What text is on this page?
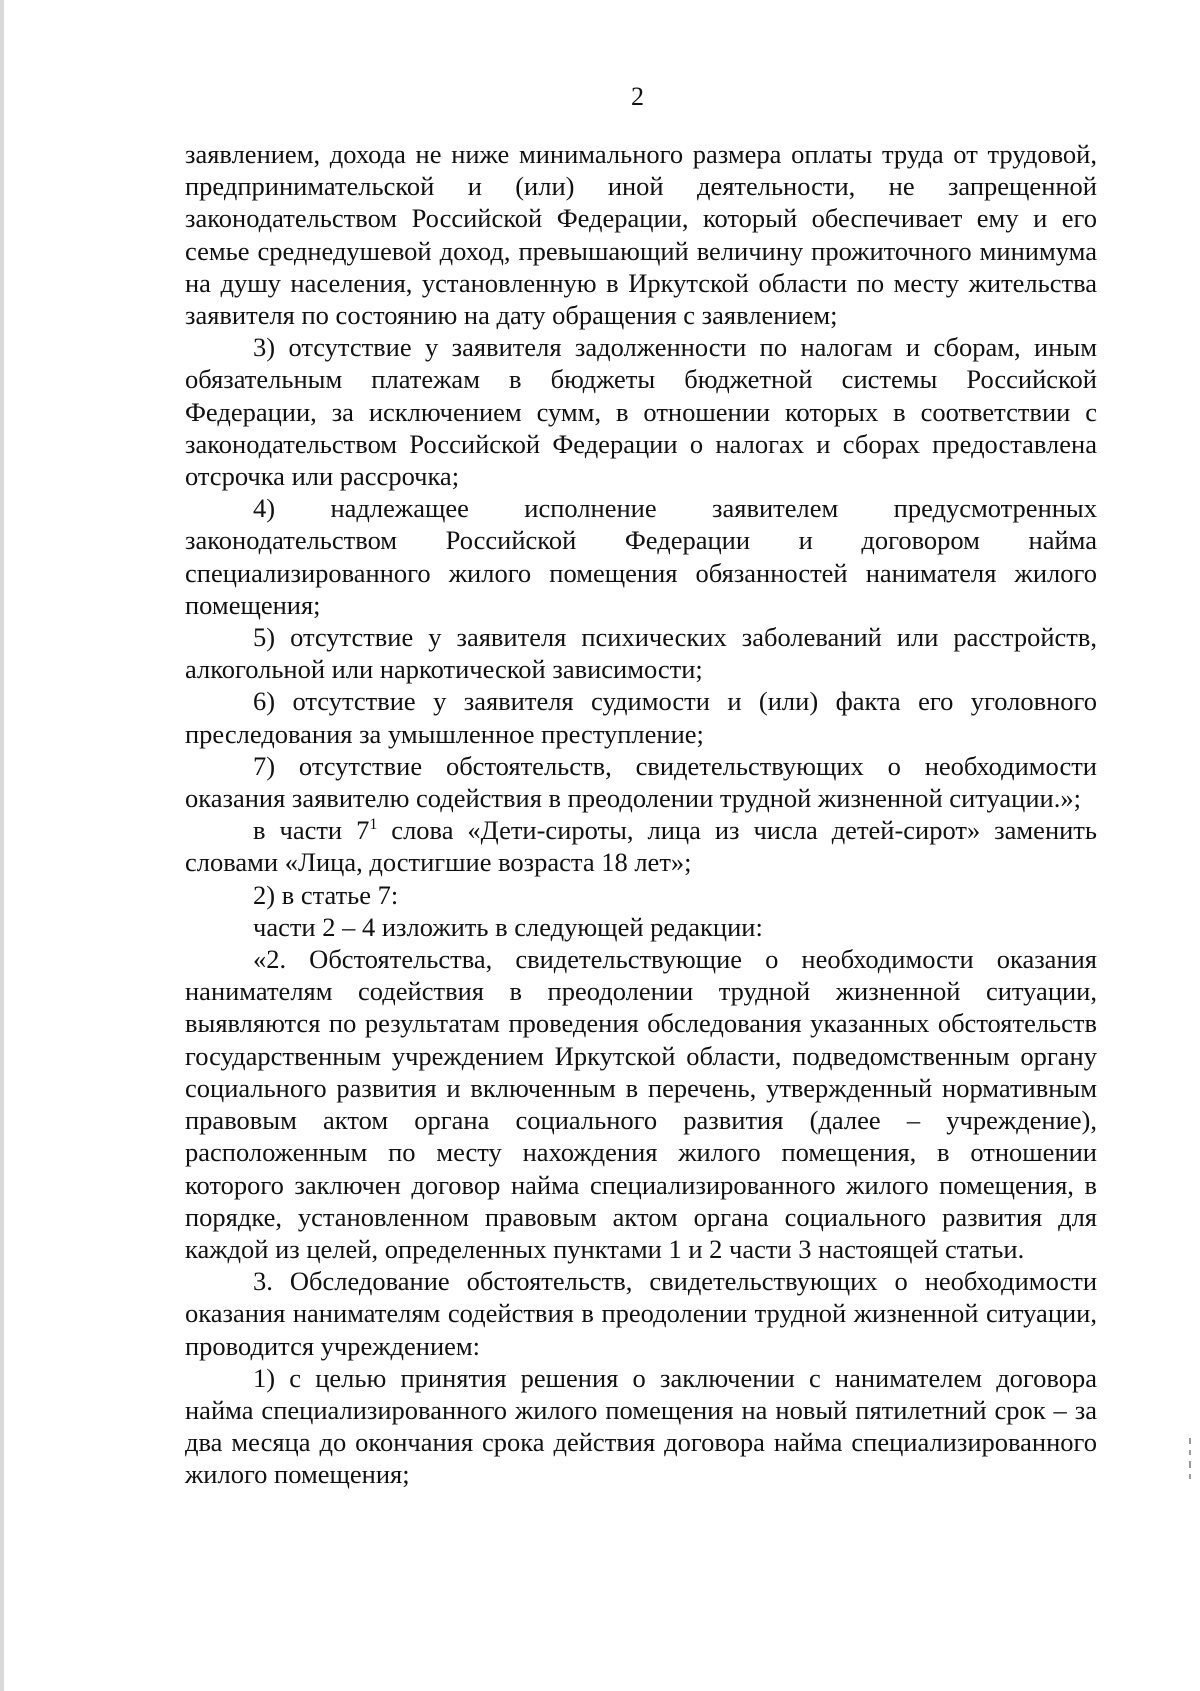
2

заявлением, дохода не ниже минимального размера оплаты труда от трудовой, предпринимательской и (или) иной деятельности, не запрещенной законодательством Российской Федерации, который обеспечивает ему и его семье среднедушевой доход, превышающий величину прожиточного минимума на душу населения, установленную в Иркутской области по месту жительства заявителя по состоянию на дату обращения с заявлением;

3) отсутствие у заявителя задолженности по налогам и сборам, иным обязательным платежам в бюджеты бюджетной системы Российской Федерации, за исключением сумм, в отношении которых в соответствии с законодательством Российской Федерации о налогах и сборах предоставлена отсрочка или рассрочка;

4) надлежащее исполнение заявителем предусмотренных законодательством Российской Федерации и договором найма специализированного жилого помещения обязанностей нанимателя жилого помещения;

5) отсутствие у заявителя психических заболеваний или расстройств, алкогольной или наркотической зависимости;

6) отсутствие у заявителя судимости и (или) факта его уголовного преследования за умышленное преступление;

7) отсутствие обстоятельств, свидетельствующих о необходимости оказания заявителю содействия в преодолении трудной жизненной ситуации.»;

в части $7^1$ слова «Дети-сироты, лица из числа детей-сирот» заменить словами «Лица, достигшие возраста 18 лет»;

2) в статье 7:

части 2 – 4 изложить в следующей редакции:

«2. Обстоятельства, свидетельствующие о необходимости оказания нанимателям содействия в преодолении трудной жизненной ситуации, выявляются по результатам проведения обследования указанных обстоятельств государственным учреждением Иркутской области, подведомственным органу социального развития и включенным в перечень, утвержденный нормативным правовым актом органа социального развития (далее – учреждение), расположенным по месту нахождения жилого помещения, в отношении которого заключен договор найма специализированного жилого помещения, в порядке, установленном правовым актом органа социального развития для каждой из целей, определенных пунктами 1 и 2 части 3 настоящей статьи.

3. Обследование обстоятельств, свидетельствующих о необходимости оказания нанимателям содействия в преодолении трудной жизненной ситуации, проводится учреждением:

1) с целью принятия решения о заключении с нанимателем договора найма специализированного жилого помещения на новый пятилетний срок – за два месяца до окончания срока действия договора найма специализированного жилого помещения;
